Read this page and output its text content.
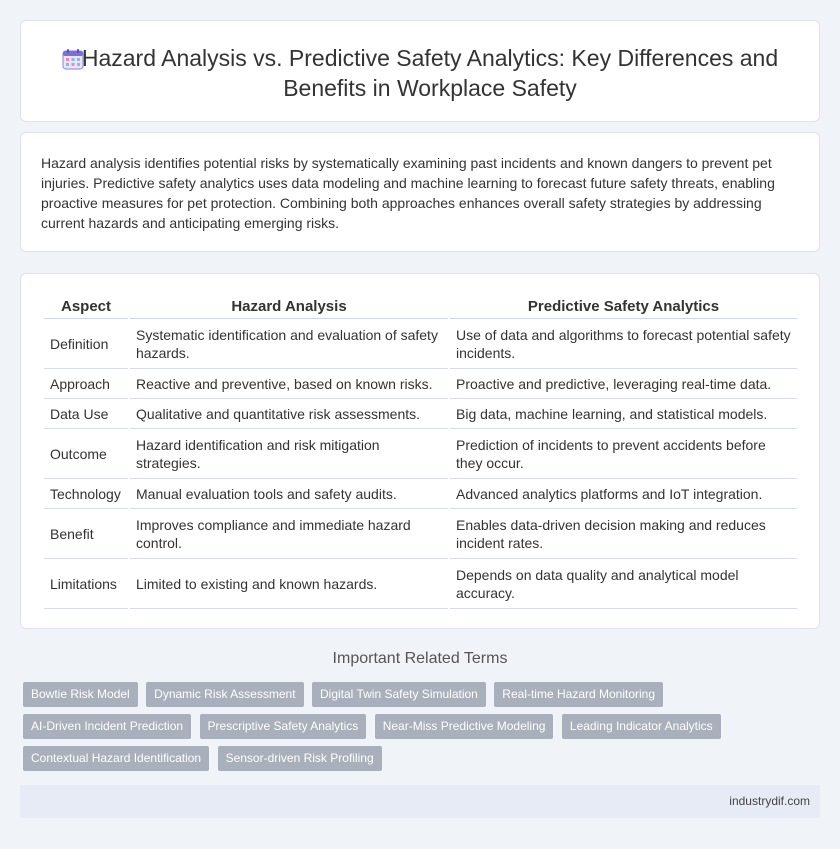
Hazard Analysis vs. Predictive Safety Analytics: Key Differences and Benefits in Workplace Safety

Hazard analysis identifies potential risks by systematically examining past incidents and known dangers to prevent pet injuries. Predictive safety analytics uses data modeling and machine learning to forecast future safety threats, enabling proactive measures for pet protection. Combining both approaches enhances overall safety strategies by addressing current hazards and anticipating emerging risks.

Aspect	Hazard Analysis	Predictive Safety Analytics
Definition	Systematic identification and evaluation of safety hazards.	Use of data and algorithms to forecast potential safety incidents.
Approach	Reactive and preventive, based on known risks.	Proactive and predictive, leveraging real-time data.
Data Use	Qualitative and quantitative risk assessments.	Big data, machine learning, and statistical models.
Outcome	Hazard identification and risk mitigation strategies.	Prediction of incidents to prevent accidents before they occur.
Technology	Manual evaluation tools and safety audits.	Advanced analytics platforms and IoT integration.
Benefit	Improves compliance and immediate hazard control.	Enables data-driven decision making and reduces incident rates.
Limitations	Limited to existing and known hazards.	Depends on data quality and analytical model accuracy.
Important Related Terms
Bowtie Risk Model Dynamic Risk Assessment Digital Twin Safety Simulation Real-time Hazard Monitoring
AI-Driven Incident Prediction Prescriptive Safety Analytics Near-Miss Predictive Modeling Leading Indicator Analytics
Contextual Hazard Identification Sensor-driven Risk Profiling
industrydif.com
